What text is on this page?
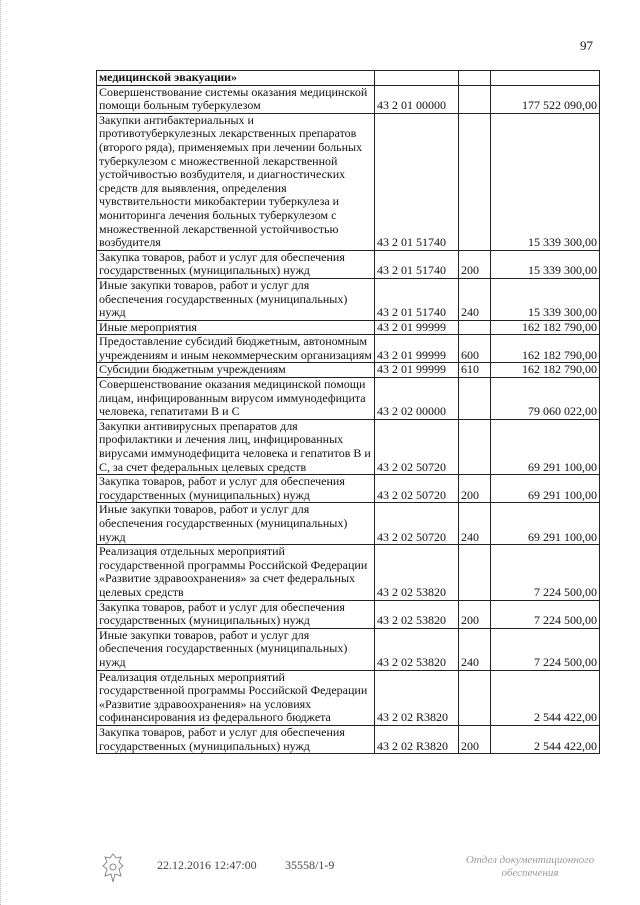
97
медицинской эвакуации»			
Совершенствование системы оказания медицинской помощи больным туберкулезом	43 2 01 00000		177 522 090,00
Закупки антибактериальных и противотуберкулезных лекарственных препаратов (второго ряда), применяемых при лечении больных туберкулезом с множественной лекарственной устойчивостью возбудителя, и диагностических средств для выявления, определения чувствительности микобактерии туберкулеза и мониторинга лечения больных туберкулезом с множественной лекарственной устойчивостью возбудителя	43 2 01 51740		15 339 300,00
Закупка товаров, работ и услуг для обеспечения государственных (муниципальных) нужд	43 2 01 51740	200	15 339 300,00
Иные закупки товаров, работ и услуг для обеспечения государственных (муниципальных) нужд	43 2 01 51740	240	15 339 300,00
Иные мероприятия	43 2 01 99999		162 182 790,00
Предоставление субсидий бюджетным, автономным учреждениям и иным некоммерческим организациям	43 2 01 99999	600	162 182 790,00
Субсидии бюджетным учреждениям	43 2 01 99999	610	162 182 790,00
Совершенствование оказания медицинской помощи лицам, инфицированным вирусом иммунодефицита человека, гепатитами В и С	43 2 02 00000		79 060 022,00
Закупки антивирусных препаратов для профилактики и лечения лиц, инфицированных вирусами иммунодефицита человека и гепатитов В и С, за счет федеральных целевых средств	43 2 02 50720		69 291 100,00
Закупка товаров, работ и услуг для обеспечения государственных (муниципальных) нужд	43 2 02 50720	200	69 291 100,00
Иные закупки товаров, работ и услуг для обеспечения государственных (муниципальных) нужд	43 2 02 50720	240	69 291 100,00
Реализация отдельных мероприятий государственной программы Российской Федерации «Развитие здравоохранения» за счет федеральных целевых средств	43 2 02 53820		7 224 500,00
Закупка товаров, работ и услуг для обеспечения государственных (муниципальных) нужд	43 2 02 53820	200	7 224 500,00
Иные закупки товаров, работ и услуг для обеспечения государственных (муниципальных) нужд	43 2 02 53820	240	7 224 500,00
Реализация отдельных мероприятий государственной программы Российской Федерации «Развитие здравоохранения» на условиях софинансирования из федерального бюджета	43 2 02 R3820		2 544 422,00
Закупка товаров, работ и услуг для обеспечения государственных (муниципальных) нужд	43 2 02 R3820	200	2 544 422,00
22.12.2016 12:47:00 35558/1-9	Отдел документационного обеспечения
